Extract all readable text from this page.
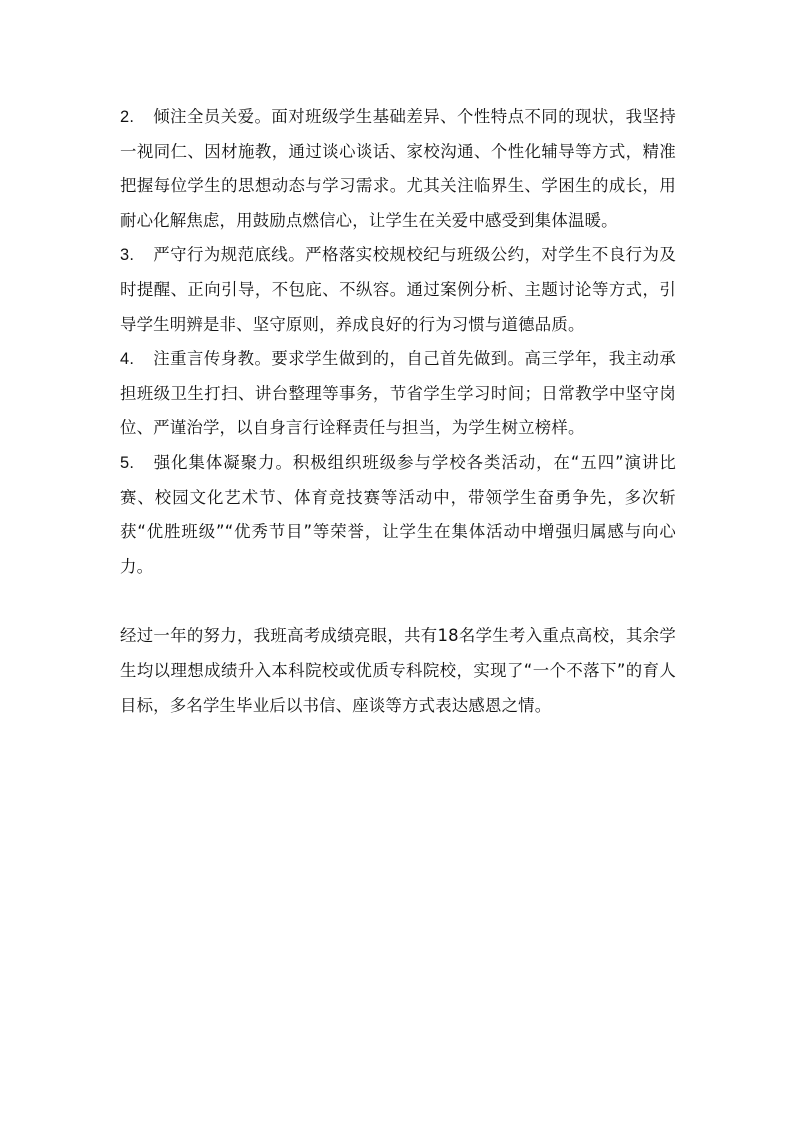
2. 倾注全员关爱。面对班级学生基础差异、个性特点不同的现状，我坚持一视同仁、因材施教，通过谈心谈话、家校沟通、个性化辅导等方式，精准把握每位学生的思想动态与学习需求。尤其关注临界生、学困生的成长，用耐心化解焦虑，用鼓励点燃信心，让学生在关爱中感受到集体温暖。

3. 严守行为规范底线。严格落实校规校纪与班级公约，对学生不良行为及时提醒、正向引导，不包庇、不纵容。通过案例分析、主题讨论等方式，引导学生明辨是非、坚守原则，养成良好的行为习惯与道德品质。

4. 注重言传身教。要求学生做到的，自己首先做到。高三学年，我主动承担班级卫生打扫、讲台整理等事务，节省学生学习时间；日常教学中坚守岗位、严谨治学，以自身言行诠释责任与担当，为学生树立榜样。

5. 强化集体凝聚力。积极组织班级参与学校各类活动，在“五四”演讲比赛、校园文化艺术节、体育竞技赛等活动中，带领学生奋勇争先，多次斩获“优胜班级”“优秀节目”等荣誉，让学生在集体活动中增强归属感与向心力。

经过一年的努力，我班高考成绩亮眼，共有18名学生考入重点高校，其余学生均以理想成绩升入本科院校或优质专科院校，实现了“一个不落下”的育人目标，多名学生毕业后以书信、座谈等方式表达感恩之情。
